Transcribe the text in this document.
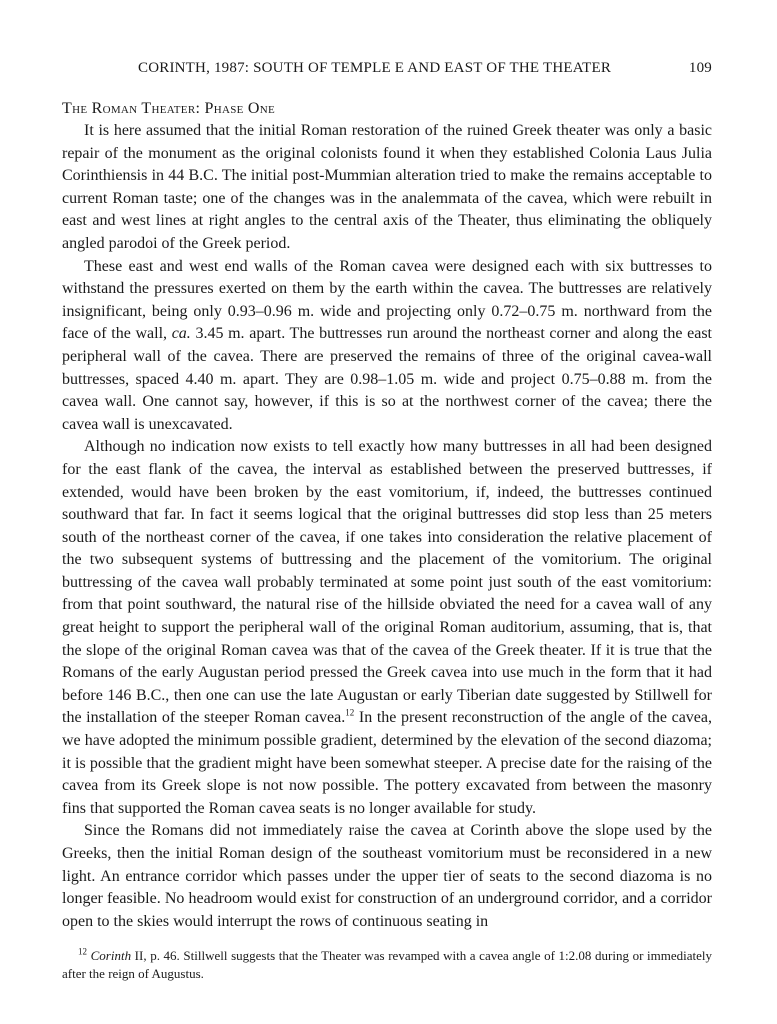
CORINTH, 1987: SOUTH OF TEMPLE E AND EAST OF THE THEATER	109
The Roman Theater: Phase One

It is here assumed that the initial Roman restoration of the ruined Greek theater was only a basic repair of the monument as the original colonists found it when they established Colonia Laus Julia Corinthiensis in 44 B.C. The initial post-Mummian alteration tried to make the remains acceptable to current Roman taste; one of the changes was in the analemmata of the cavea, which were rebuilt in east and west lines at right angles to the central axis of the Theater, thus eliminating the obliquely angled parodoi of the Greek period.

These east and west end walls of the Roman cavea were designed each with six buttresses to withstand the pressures exerted on them by the earth within the cavea. The buttresses are relatively insignificant, being only 0.93–0.96 m. wide and projecting only 0.72–0.75 m. northward from the face of the wall, ca. 3.45 m. apart. The buttresses run around the northeast corner and along the east peripheral wall of the cavea. There are preserved the remains of three of the original cavea-wall buttresses, spaced 4.40 m. apart. They are 0.98–1.05 m. wide and project 0.75–0.88 m. from the cavea wall. One cannot say, however, if this is so at the northwest corner of the cavea; there the cavea wall is unexcavated.

Although no indication now exists to tell exactly how many buttresses in all had been designed for the east flank of the cavea, the interval as established between the preserved buttresses, if extended, would have been broken by the east vomitorium, if, indeed, the buttresses continued southward that far. In fact it seems logical that the original buttresses did stop less than 25 meters south of the northeast corner of the cavea, if one takes into consideration the relative placement of the two subsequent systems of buttressing and the placement of the vomitorium. The original buttressing of the cavea wall probably terminated at some point just south of the east vomitorium: from that point southward, the natural rise of the hillside obviated the need for a cavea wall of any great height to support the peripheral wall of the original Roman auditorium, assuming, that is, that the slope of the original Roman cavea was that of the cavea of the Greek theater. If it is true that the Romans of the early Augustan period pressed the Greek cavea into use much in the form that it had before 146 B.C., then one can use the late Augustan or early Tiberian date suggested by Stillwell for the installation of the steeper Roman cavea.$^{12}$ In the present reconstruction of the angle of the cavea, we have adopted the minimum possible gradient, determined by the elevation of the second diazoma; it is possible that the gradient might have been somewhat steeper. A precise date for the raising of the cavea from its Greek slope is not now possible. The pottery excavated from between the masonry fins that supported the Roman cavea seats is no longer available for study.

Since the Romans did not immediately raise the cavea at Corinth above the slope used by the Greeks, then the initial Roman design of the southeast vomitorium must be reconsidered in a new light. An entrance corridor which passes under the upper tier of seats to the second diazoma is no longer feasible. No headroom would exist for construction of an underground corridor, and a corridor open to the skies would interrupt the rows of continuous seating in

$^{12}$ Corinth II, p. 46. Stillwell suggests that the Theater was revamped with a cavea angle of 1:2.08 during or immediately after the reign of Augustus.
